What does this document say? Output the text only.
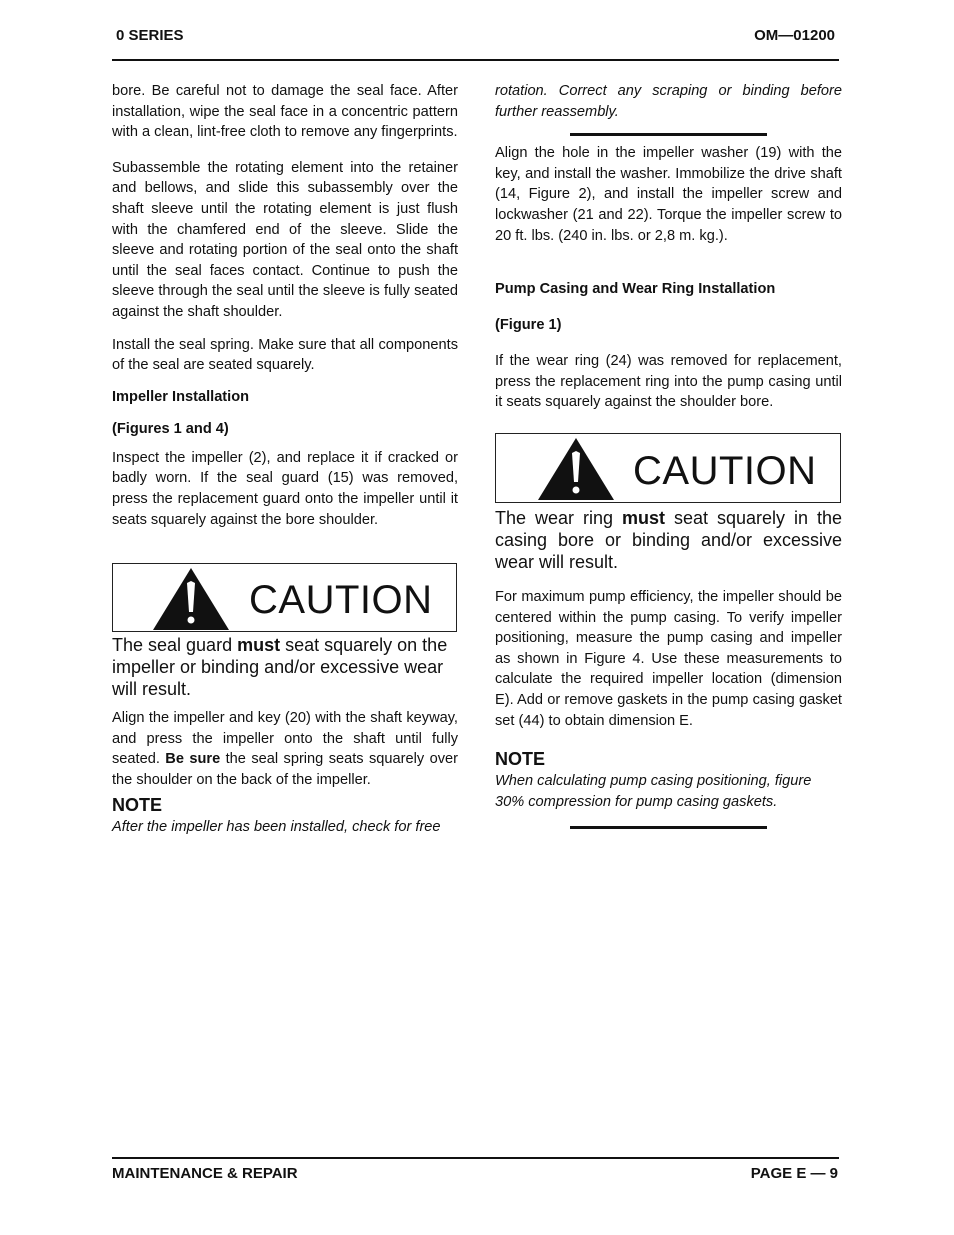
0 SERIES	OM—01200

bore. Be careful not to damage the seal face. After installation, wipe the seal face in a concentric pattern with a clean, lint-free cloth to remove any fingerprints.

Subassemble the rotating element into the retainer and bellows, and slide this subassembly over the shaft sleeve until the rotating element is just flush with the chamfered end of the sleeve. Slide the sleeve and rotating portion of the seal onto the shaft until the seal faces contact. Continue to push the sleeve through the seal until the sleeve is fully seated against the shaft shoulder.

Install the seal spring. Make sure that all components of the seal are seated squarely.

Impeller Installation

(Figures 1 and 4)

Inspect the impeller (2), and replace it if cracked or badly worn. If the seal guard (15) was removed, press the replacement guard onto the impeller until it seats squarely against the bore shoulder.

CAUTION

The seal guard must seat squarely on the impeller or binding and/or excessive wear will result.

Align the impeller and key (20) with the shaft keyway, and press the impeller onto the shaft until fully seated. Be sure the seal spring seats squarely over the shoulder on the back of the impeller.

NOTE

After the impeller has been installed, check for free

rotation. Correct any scraping or binding before further reassembly.

Align the hole in the impeller washer (19) with the key, and install the washer. Immobilize the drive shaft (14, Figure 2), and install the impeller screw and lockwasher (21 and 22). Torque the impeller screw to 20 ft. lbs. (240 in. lbs. or 2,8 m. kg.).

Pump Casing and Wear Ring Installation

(Figure 1)

If the wear ring (24) was removed for replacement, press the replacement ring into the pump casing until it seats squarely against the shoulder bore.

CAUTION

The wear ring must seat squarely in the casing bore or binding and/or excessive wear will result.

For maximum pump efficiency, the impeller should be centered within the pump casing. To verify impeller positioning, measure the pump casing and impeller as shown in Figure 4. Use these measurements to calculate the required impeller location (dimension E). Add or remove gaskets in the pump casing gasket set (44) to obtain dimension E.

NOTE

When calculating pump casing positioning, figure 30% compression for pump casing gaskets.

MAINTENANCE & REPAIR	PAGE E — 9
